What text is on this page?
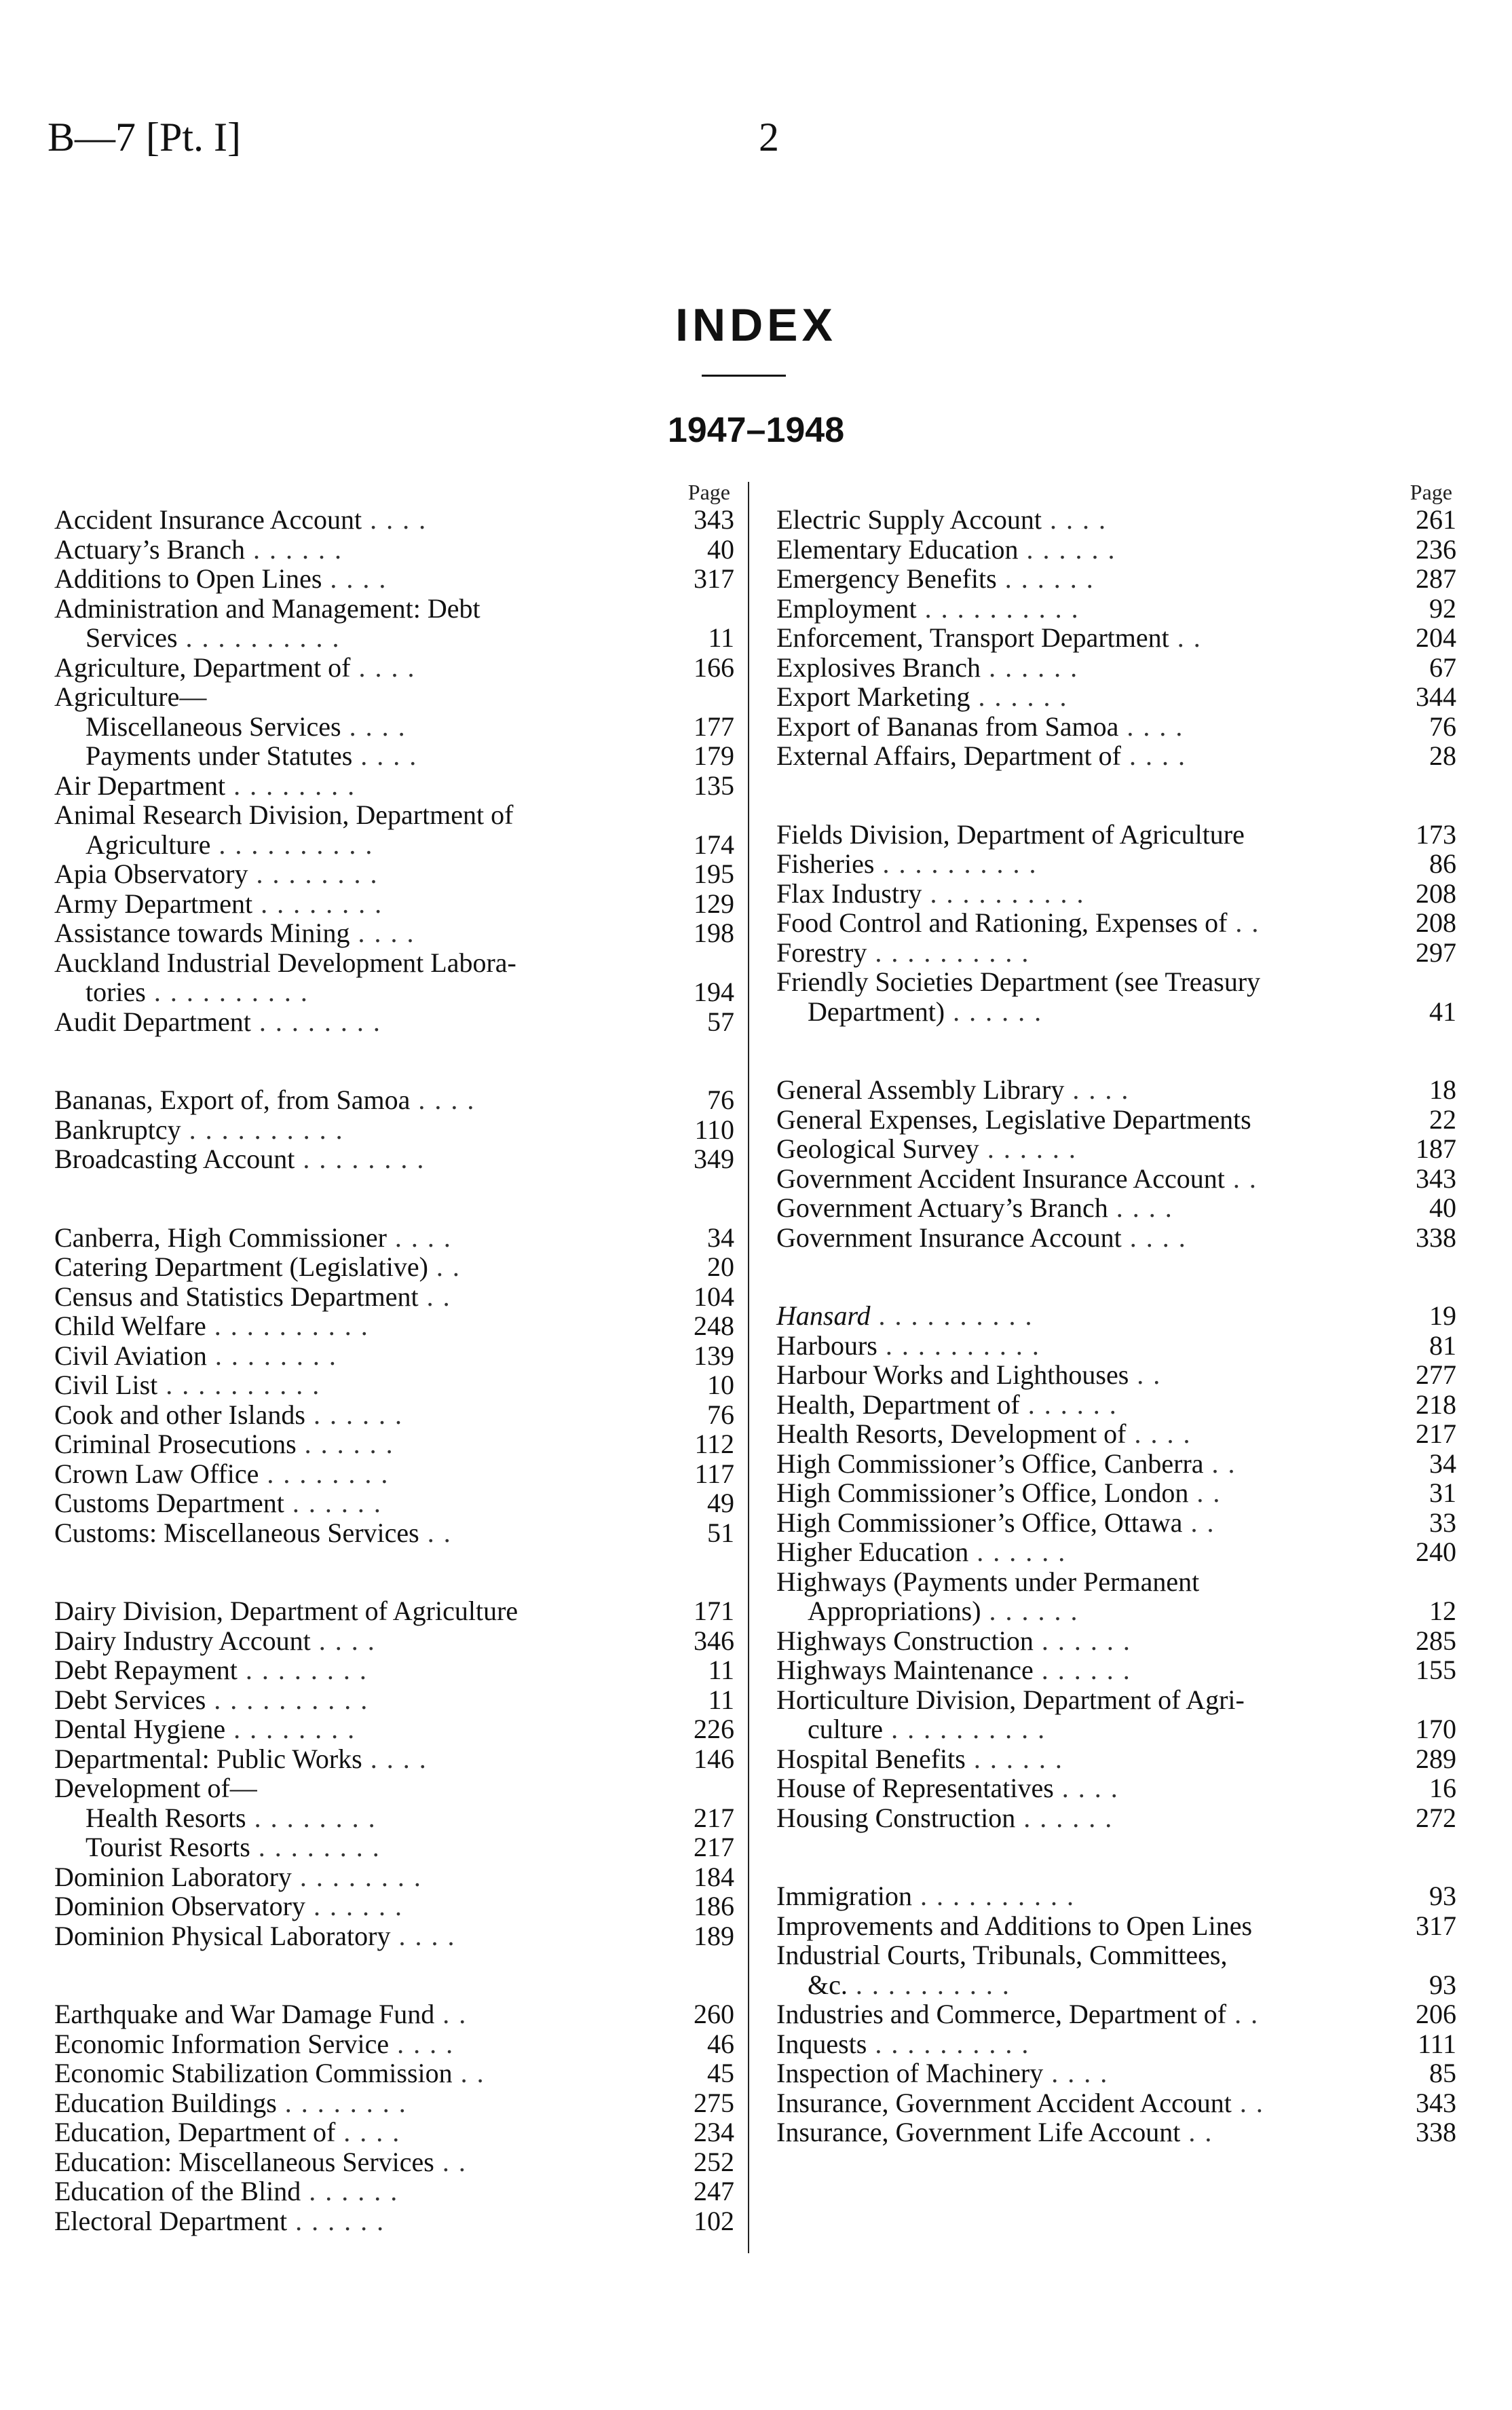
B—7 [Pt. I]	2
INDEX
1947–1948
Page
Accident Insurance Account . . . .	343
Actuary’s Branch . . . . . .	40
Additions to Open Lines . . . .	317
Administration and Management: Debt
Services . . . . . . . . . .	11
Agriculture, Department of . . . .	166
Agriculture—
Miscellaneous Services . . . .	177
Payments under Statutes . . . .	179
Air Department . . . . . . . .	135
Animal Research Division, Department of
Agriculture . . . . . . . . . .	174
Apia Observatory . . . . . . . .	195
Army Department . . . . . . . .	129
Assistance towards Mining . . . .	198
Auckland Industrial Development Labora-
tories . . . . . . . . . .	194
Audit Department . . . . . . . .	57
Bananas, Export of, from Samoa . . . .	76
Bankruptcy . . . . . . . . . .	110
Broadcasting Account . . . . . . . .	349
Canberra, High Commissioner . . . .	34
Catering Department (Legislative) . .	20
Census and Statistics Department . .	104
Child Welfare . . . . . . . . . .	248
Civil Aviation . . . . . . . .	139
Civil List . . . . . . . . . .	10
Cook and other Islands . . . . . .	76
Criminal Prosecutions . . . . . .	112
Crown Law Office . . . . . . . .	117
Customs Department . . . . . .	49
Customs: Miscellaneous Services . .	51
Dairy Division, Department of Agriculture	171
Dairy Industry Account . . . .	346
Debt Repayment . . . . . . . .	11
Debt Services . . . . . . . . . .	11
Dental Hygiene . . . . . . . .	226
Departmental: Public Works . . . .	146
Development of—
Health Resorts . . . . . . . .	217
Tourist Resorts . . . . . . . .	217
Dominion Laboratory . . . . . . . .	184
Dominion Observatory . . . . . .	186
Dominion Physical Laboratory . . . .	189
Earthquake and War Damage Fund . .	260
Economic Information Service . . . .	46
Economic Stabilization Commission . .	45
Education Buildings . . . . . . . .	275
Education, Department of . . . .	234
Education: Miscellaneous Services . .	252
Education of the Blind . . . . . .	247
Electoral Department . . . . . .	102
Page
Electric Supply Account . . . .	261
Elementary Education . . . . . .	236
Emergency Benefits . . . . . .	287
Employment . . . . . . . . . .	92
Enforcement, Transport Department . .	204
Explosives Branch . . . . . .	67
Export Marketing . . . . . .	344
Export of Bananas from Samoa . . . .	76
External Affairs, Department of . . . .	28
Fields Division, Department of Agriculture	173
Fisheries . . . . . . . . . .	86
Flax Industry . . . . . . . . . .	208
Food Control and Rationing, Expenses of . .	208
Forestry . . . . . . . . . .	297
Friendly Societies Department (see Treasury
Department) . . . . . .	41
General Assembly Library . . . .	18
General Expenses, Legislative Departments	22
Geological Survey . . . . . .	187
Government Accident Insurance Account . .	343
Government Actuary’s Branch . . . .	40
Government Insurance Account . . . .	338
Hansard . . . . . . . . . .	19
Harbours . . . . . . . . . .	81
Harbour Works and Lighthouses . .	277
Health, Department of . . . . . .	218
Health Resorts, Development of . . . .	217
High Commissioner’s Office, Canberra . .	34
High Commissioner’s Office, London . .	31
High Commissioner’s Office, Ottawa . .	33
Higher Education . . . . . .	240
Highways (Payments under Permanent
Appropriations) . . . . . .	12
Highways Construction . . . . . .	285
Highways Maintenance . . . . . .	155
Horticulture Division, Department of Agri-
culture . . . . . . . . . .	170
Hospital Benefits . . . . . .	289
House of Representatives . . . .	16
Housing Construction . . . . . .	272
Immigration . . . . . . . . . .	93
Improvements and Additions to Open Lines	317
Industrial Courts, Tribunals, Committees,
&c. . . . . . . . . . .	93
Industries and Commerce, Department of . .	206
Inquests . . . . . . . . . .	111
Inspection of Machinery . . . .	85
Insurance, Government Accident Account . .	343
Insurance, Government Life Account . .	338
